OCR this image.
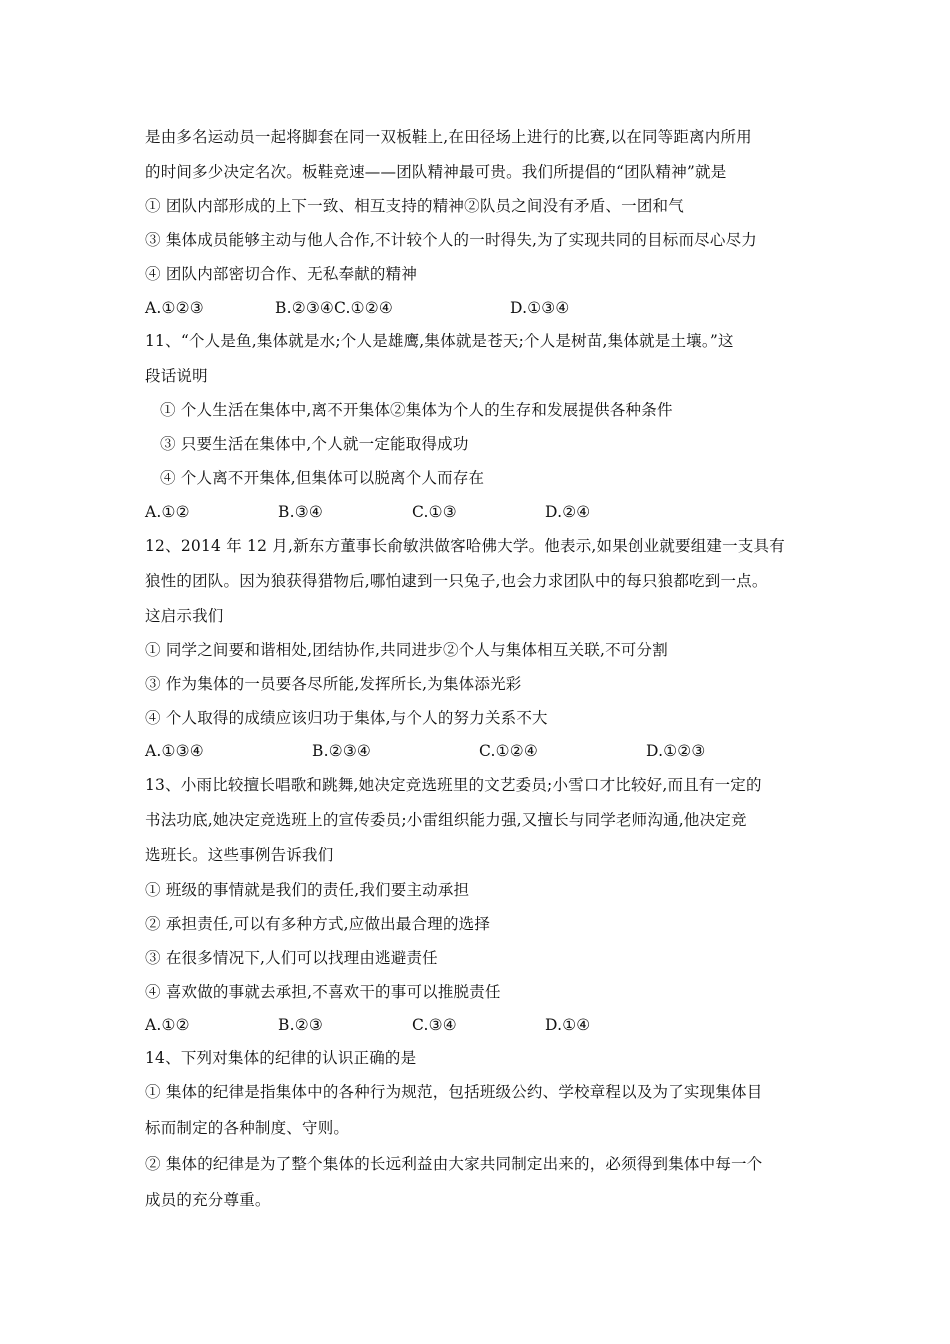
是由多名运动员一起将脚套在同一双板鞋上,在田径场上进行的比赛,以在同等距离内所用
的时间多少决定名次。板鞋竞速——团队精神最可贵。我们所提倡的“团队精神”就是
① 团队内部形成的上下一致、相互支持的精神②队员之间没有矛盾、一团和气
③ 集体成员能够主动与他人合作,不计较个人的一时得失,为了实现共同的目标而尽心尽力
④ 团队内部密切合作、无私奉献的精神
A.①②③	B.②③④C.①②④	D.①③④
11、“个人是鱼,集体就是水;个人是雄鹰,集体就是苍天;个人是树苗,集体就是土壤。”这
段话说明
① 个人生活在集体中,离不开集体②集体为个人的生存和发展提供各种条件
③ 只要生活在集体中,个人就一定能取得成功
④ 个人离不开集体,但集体可以脱离个人而存在
A.①②	B.③④	C.①③	D.②④
12、2014 年 12 月,新东方董事长俞敏洪做客哈佛大学。他表示,如果创业就要组建一支具有
狼性的团队。因为狼获得猎物后,哪怕逮到一只兔子,也会力求团队中的每只狼都吃到一点。
这启示我们
① 同学之间要和谐相处,团结协作,共同进步②个人与集体相互关联,不可分割
③ 作为集体的一员要各尽所能,发挥所长,为集体添光彩
④ 个人取得的成绩应该归功于集体,与个人的努力关系不大
A.①③④	B.②③④	C.①②④	D.①②③
13、小雨比较擅长唱歌和跳舞,她决定竞选班里的文艺委员;小雪口才比较好,而且有一定的
书法功底,她决定竞选班上的宣传委员;小雷组织能力强,又擅长与同学老师沟通,他决定竞
选班长。这些事例告诉我们
① 班级的事情就是我们的责任,我们要主动承担
② 承担责任,可以有多种方式,应做出最合理的选择
③ 在很多情况下,人们可以找理由逃避责任
④ 喜欢做的事就去承担,不喜欢干的事可以推脱责任
A.①②	B.②③	C.③④	D.①④
14、下列对集体的纪律的认识正确的是
① 集体的纪律是指集体中的各种行为规范，包括班级公约、学校章程以及为了实现集体目
标而制定的各种制度、守则。
② 集体的纪律是为了整个集体的长远利益由大家共同制定出来的，必须得到集体中每一个
成员的充分尊重。
